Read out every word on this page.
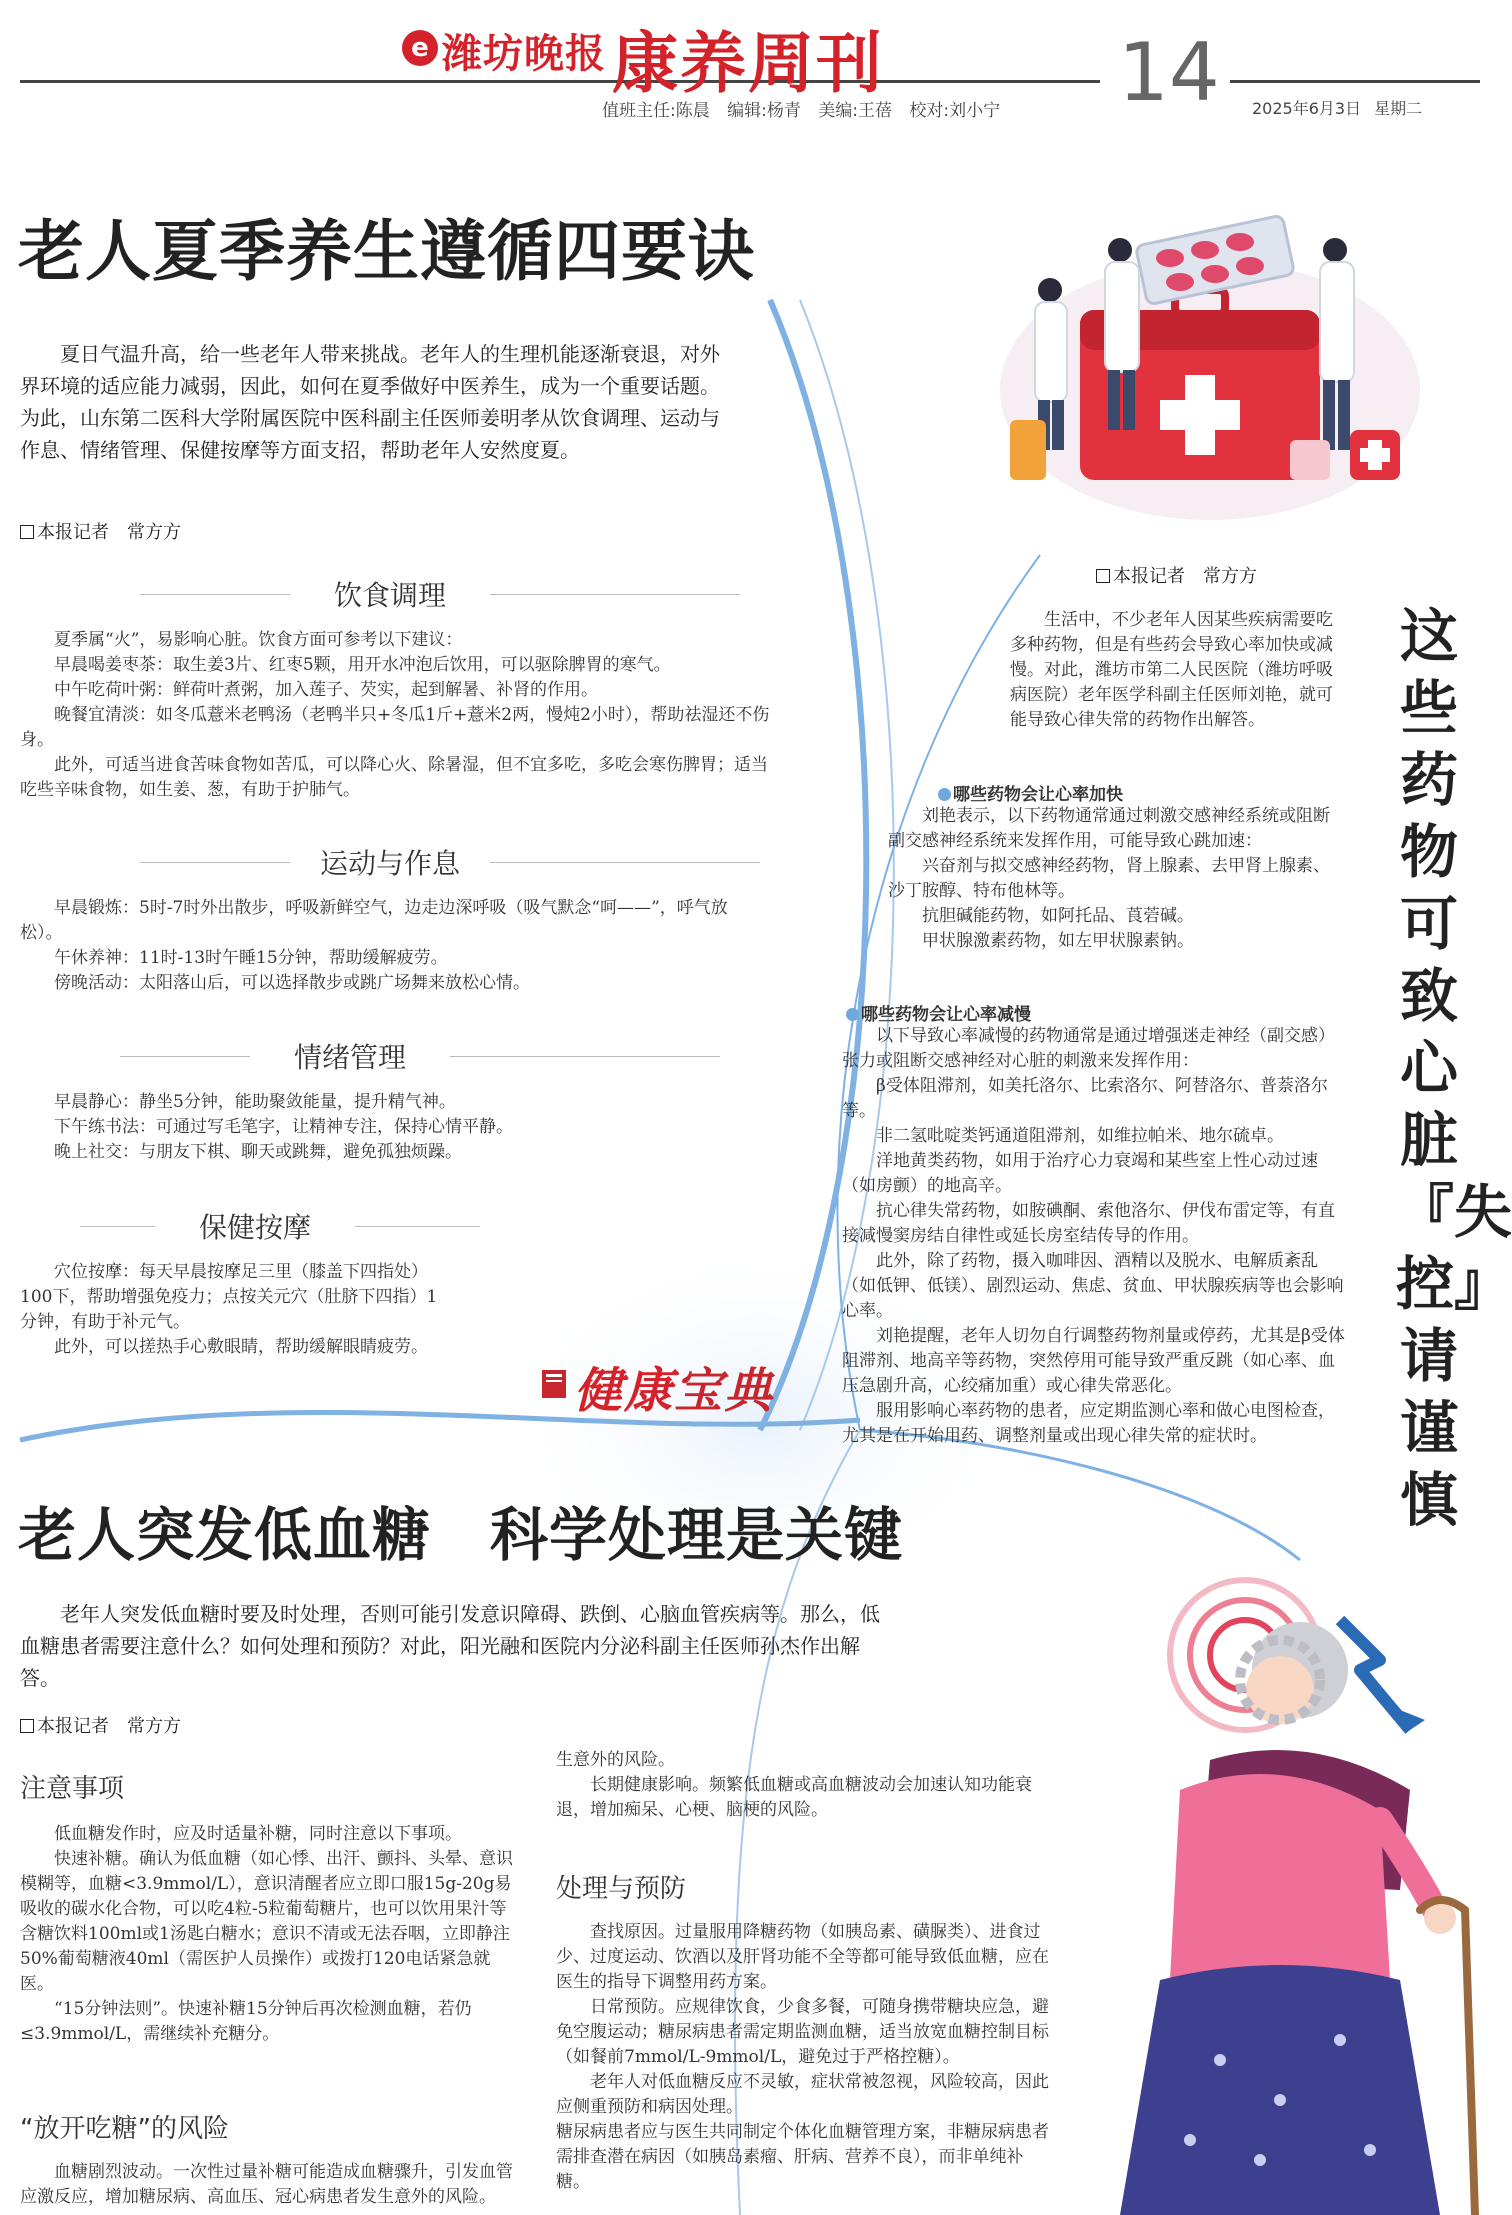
e 潍坊晚报 康养周刊	14
值班主任:陈晨 编辑:杨青 美编:王蓓 校对:刘小宁	2025年6月3日 星期二
老人夏季养生遵循四要诀
夏日气温升高，给一些老年人带来挑战。老年人的生理机能逐渐衰退，对外界环境的适应能力减弱，因此，如何在夏季做好中医养生，成为一个重要话题。为此，山东第二医科大学附属医院中医科副主任医师姜明孝从饮食调理、运动与作息、情绪管理、保健按摩等方面支招，帮助老年人安然度夏。
本报记者　常方方
饮食调理

夏季属“火”，易影响心脏。饮食方面可参考以下建议：

早晨喝姜枣茶：取生姜3片、红枣5颗，用开水冲泡后饮用，可以驱除脾胃的寒气。

中午吃荷叶粥：鲜荷叶煮粥，加入莲子、芡实，起到解暑、补肾的作用。

晚餐宜清淡：如冬瓜薏米老鸭汤（老鸭半只+冬瓜1斤+薏米2两，慢炖2小时），帮助祛湿还不伤身。

此外，可适当进食苦味食物如苦瓜，可以降心火、除暑湿，但不宜多吃，多吃会寒伤脾胃；适当吃些辛味食物，如生姜、葱，有助于护肺气。

运动与作息

早晨锻炼：5时-7时外出散步，呼吸新鲜空气，边走边深呼吸（吸气默念“呵——”，呼气放松）。

午休养神：11时-13时午睡15分钟，帮助缓解疲劳。

傍晚活动：太阳落山后，可以选择散步或跳广场舞来放松心情。

情绪管理

早晨静心：静坐5分钟，能助聚敛能量，提升精气神。

下午练书法：可通过写毛笔字，让精神专注，保持心情平静。

晚上社交：与朋友下棋、聊天或跳舞，避免孤独烦躁。

保健按摩

穴位按摩：每天早晨按摩足三里（膝盖下四指处）100下，帮助增强免疫力；点按关元穴（肚脐下四指）1分钟，有助于补元气。

此外，可以搓热手心敷眼睛，帮助缓解眼睛疲劳。

健康宝典
老人突发低血糖　科学处理是关键
老年人突发低血糖时要及时处理，否则可能引发意识障碍、跌倒、心脑血管疾病等。那么，低血糖患者需要注意什么？如何处理和预防？对此，阳光融和医院内分泌科副主任医师孙杰作出解答。
本报记者　常方方
注意事项

低血糖发作时，应及时适量补糖，同时注意以下事项。

快速补糖。确认为低血糖（如心悸、出汗、颤抖、头晕、意识模糊等，血糖<3.9mmol/L），意识清醒者应立即口服15g-20g易吸收的碳水化合物，可以吃4粒-5粒葡萄糖片，也可以饮用果汁等含糖饮料100ml或1汤匙白糖水；意识不清或无法吞咽，立即静注50%葡萄糖液40ml（需医护人员操作）或拨打120电话紧急就医。

“15分钟法则”。快速补糖15分钟后再次检测血糖，若仍≤3.9mmol/L，需继续补充糖分。

“放开吃糖”的风险

血糖剧烈波动。一次性过量补糖可能造成血糖骤升，引发血管应激反应，增加糖尿病、高血压、冠心病患者发生意外的风险。

生意外的风险。

长期健康影响。频繁低血糖或高血糖波动会加速认知功能衰退，增加痴呆、心梗、脑梗的风险。

处理与预防

查找原因。过量服用降糖药物（如胰岛素、磺脲类）、进食过少、过度运动、饮酒以及肝肾功能不全等都可能导致低血糖，应在医生的指导下调整用药方案。

日常预防。应规律饮食，少食多餐，可随身携带糖块应急，避免空腹运动；糖尿病患者需定期监测血糖，适当放宽血糖控制目标（如餐前7mmol/L-9mmol/L，避免过于严格控糖）。

老年人对低血糖反应不灵敏，症状常被忽视，风险较高，因此应侧重预防和病因处理。

糖尿病患者应与医生共同制定个体化血糖管理方案，非糖尿病患者需排查潜在病因（如胰岛素瘤、肝病、营养不良），而非单纯补糖。

这些药物可致心脏『失控』请谨慎
本报记者　常方方

生活中，不少老年人因某些疾病需要吃多种药物，但是有些药会导致心率加快或减慢。对此，潍坊市第二人民医院（潍坊呼吸病医院）老年医学科副主任医师刘艳，就可能导致心律失常的药物作出解答。

哪些药物会让心率加快

刘艳表示，以下药物通常通过刺激交感神经系统或阻断副交感神经系统来发挥作用，可能导致心跳加速：

兴奋剂与拟交感神经药物，肾上腺素、去甲肾上腺素、沙丁胺醇、特布他林等。

抗胆碱能药物，如阿托品、莨菪碱。

甲状腺激素药物，如左甲状腺素钠。

哪些药物会让心率减慢

以下导致心率减慢的药物通常是通过增强迷走神经（副交感）张力或阻断交感神经对心脏的刺激来发挥作用：

β受体阻滞剂，如美托洛尔、比索洛尔、阿替洛尔、普萘洛尔等。

非二氢吡啶类钙通道阻滞剂，如维拉帕米、地尔硫卓。

洋地黄类药物，如用于治疗心力衰竭和某些室上性心动过速（如房颤）的地高辛。

抗心律失常药物，如胺碘酮、索他洛尔、伊伐布雷定等，有直接减慢窦房结自律性或延长房室结传导的作用。

此外，除了药物，摄入咖啡因、酒精以及脱水、电解质紊乱（如低钾、低镁）、剧烈运动、焦虑、贫血、甲状腺疾病等也会影响心率。

刘艳提醒，老年人切勿自行调整药物剂量或停药，尤其是β受体阻滞剂、地高辛等药物，突然停用可能导致严重反跳（如心率、血压急剧升高，心绞痛加重）或心律失常恶化。

服用影响心率药物的患者，应定期监测心率和做心电图检查，尤其是在开始用药、调整剂量或出现心律失常的症状时。
